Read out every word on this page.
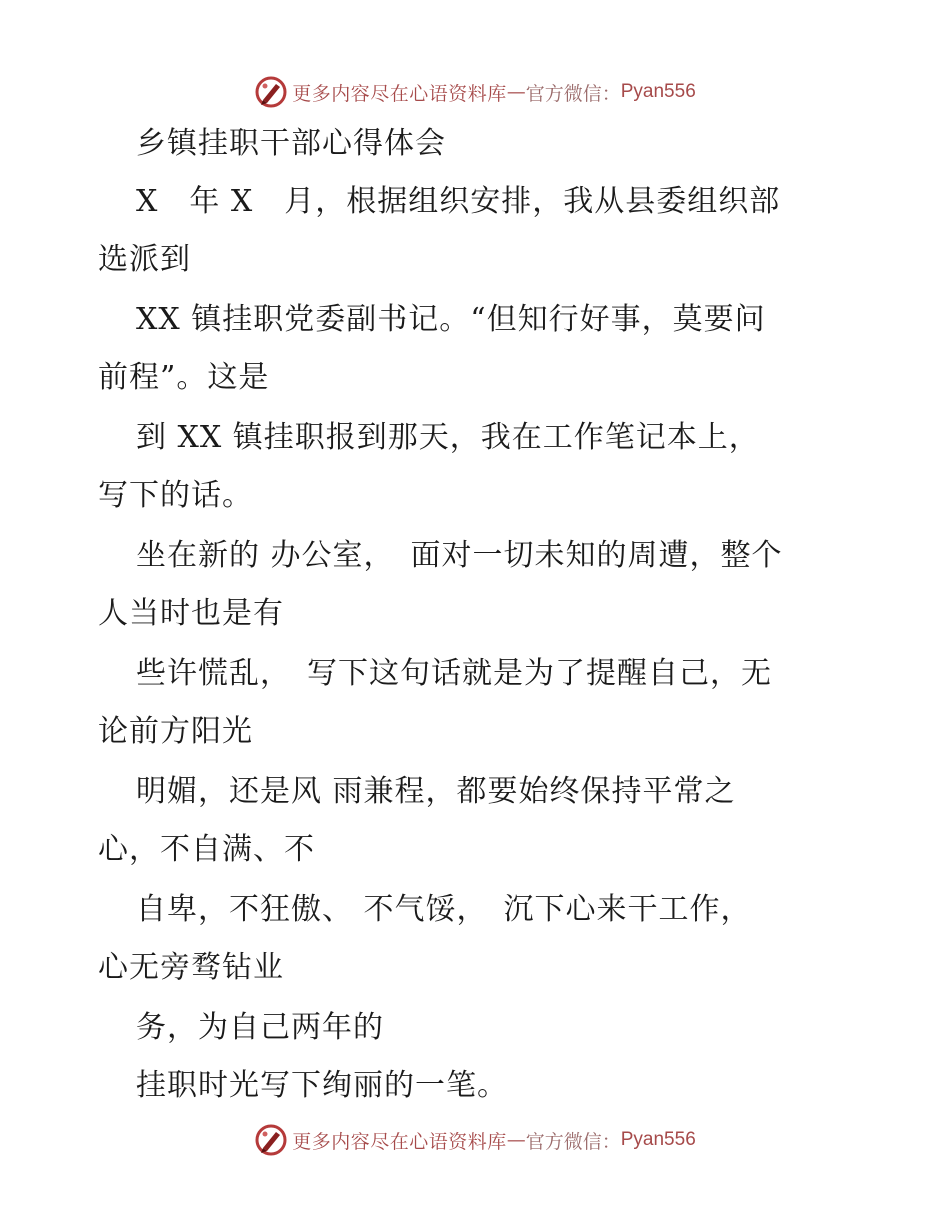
更多内容尽在心语资料库 — 官方微信： Pyan556
乡镇挂职干部心得体会
X　年 X　月，根据组织安排，我从县委组织部
选派到
XX 镇挂职党委副书记。“但知行好事，莫要问
前程”。这是
到 XX 镇挂职报到那天，我在工作笔记本上，
写下的话。
坐在新的 办公室，　面对一切未知的周遭，整个
人当时也是有
些许慌乱，　写下这句话就是为了提醒自己，无
论前方阳光
明媚，还是风 雨兼程，都要始终保持平常之
心，不自满、不
自卑，不狂傲、 不气馁，　沉下心来干工作，
心无旁骛钻业
务，为自己两年的
挂职时光写下绚丽的一笔。
更多内容尽在心语资料库 — 官方微信： Pyan556
